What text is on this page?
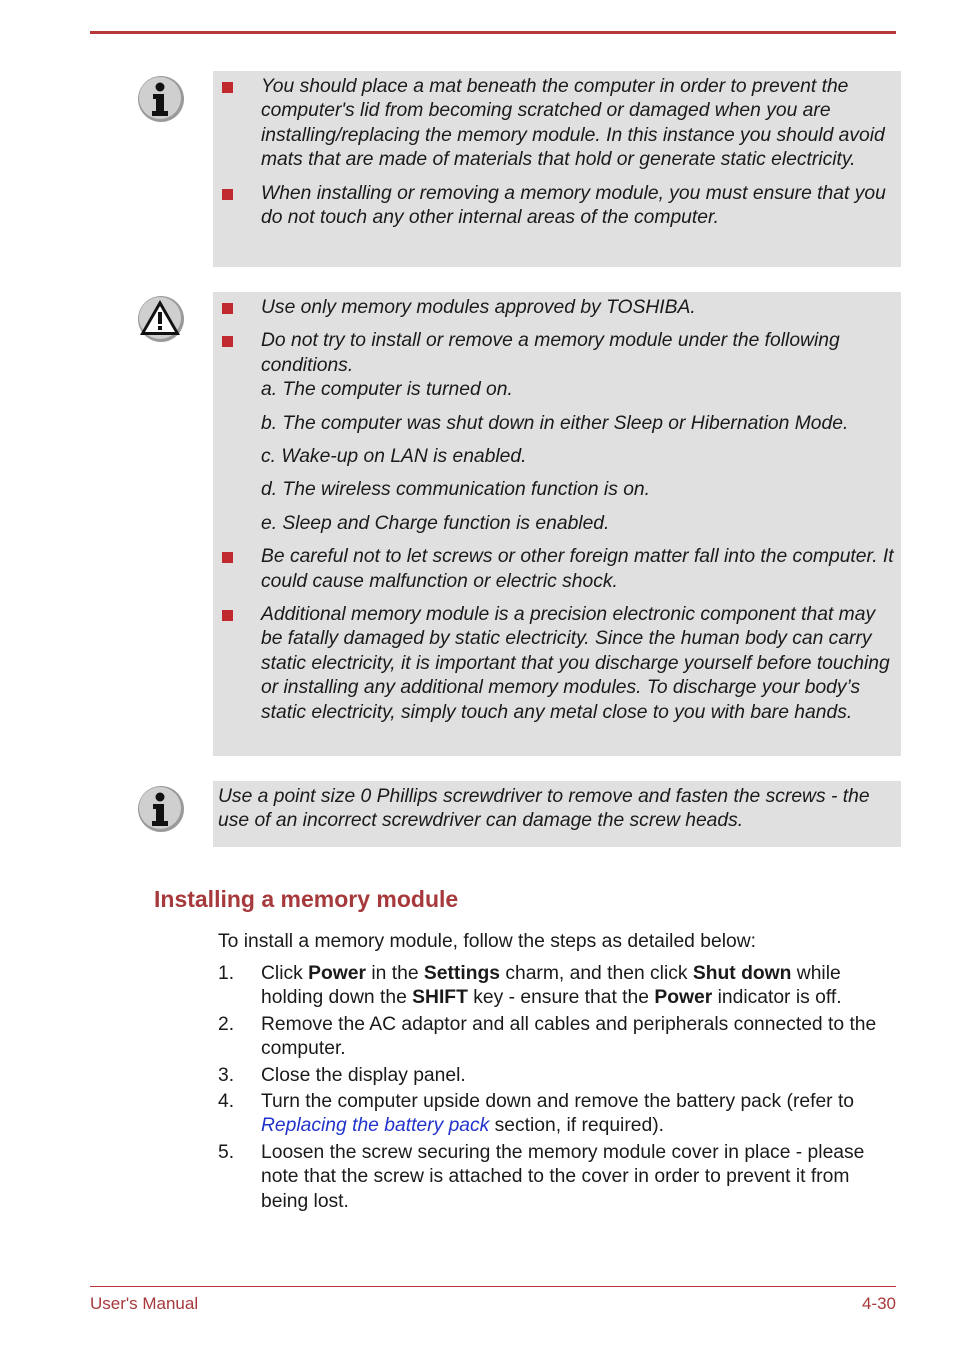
You should place a mat beneath the computer in order to prevent the computer's lid from becoming scratched or damaged when you are installing/replacing the memory module. In this instance you should avoid mats that are made of materials that hold or generate static electricity.

When installing or removing a memory module, you must ensure that you do not touch any other internal areas of the computer.

Use only memory modules approved by TOSHIBA.

Do not try to install or remove a memory module under the following conditions.

a. The computer is turned on.

b. The computer was shut down in either Sleep or Hibernation Mode.

c. Wake-up on LAN is enabled.

d. The wireless communication function is on.

e. Sleep and Charge function is enabled.

Be careful not to let screws or other foreign matter fall into the computer. It could cause malfunction or electric shock.

Additional memory module is a precision electronic component that may be fatally damaged by static electricity. Since the human body can carry static electricity, it is important that you discharge yourself before touching or installing any additional memory modules. To discharge your body’s static electricity, simply touch any metal close to you with bare hands.

Use a point size 0 Phillips screwdriver to remove and fasten the screws - the use of an incorrect screwdriver can damage the screw heads.

Installing a memory module

To install a memory module, follow the steps as detailed below:

1. Click Power in the Settings charm, and then click Shut down while holding down the SHIFT key - ensure that the Power indicator is off.
2. Remove the AC adaptor and all cables and peripherals connected to the computer.
3. Close the display panel.
4. Turn the computer upside down and remove the battery pack (refer to Replacing the battery pack section, if required).
5. Loosen the screw securing the memory module cover in place - please note that the screw is attached to the cover in order to prevent it from being lost.
User's Manual	4-30
